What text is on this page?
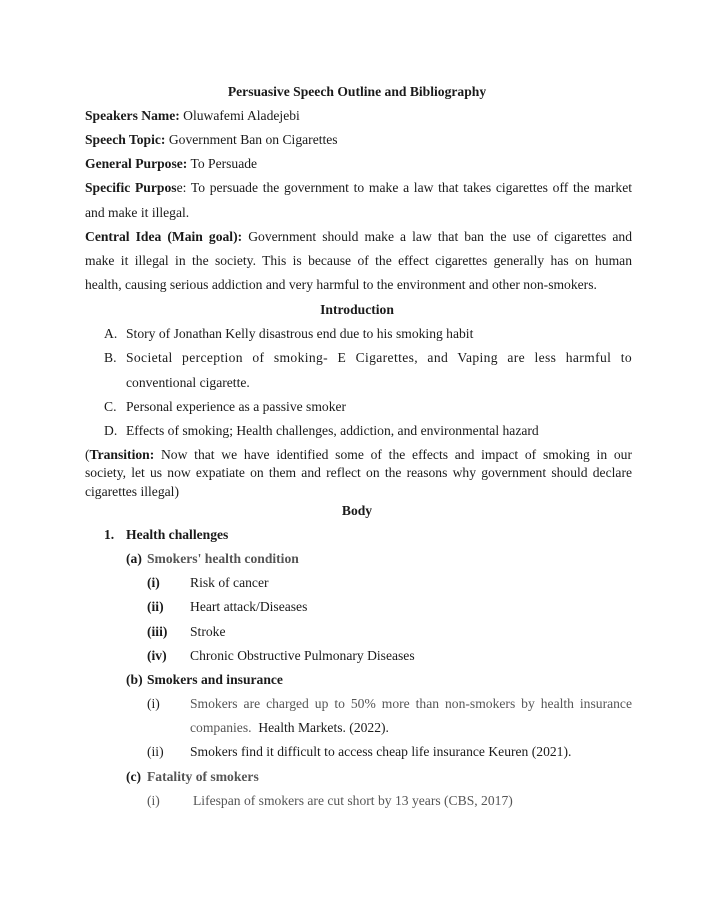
Persuasive Speech Outline and Bibliography
Speakers Name: Oluwafemi Aladejebi
Speech Topic: Government Ban on Cigarettes
General Purpose: To Persuade
Specific Purpose: To persuade the government to make a law that takes cigarettes off the market
and make it illegal.
Central Idea (Main goal): Government should make a law that ban the use of cigarettes and
make it illegal in the society. This is because of the effect cigarettes generally has on human
health, causing serious addiction and very harmful to the environment and other non-smokers.
Introduction
A. Story of Jonathan Kelly disastrous end due to his smoking habit
B. Societal perception of smoking- E Cigarettes, and Vaping are less harmful to
conventional cigarette.
C. Personal experience as a passive smoker
D. Effects of smoking; Health challenges, addiction, and environmental hazard
(Transition: Now that we have identified some of the effects and impact of smoking in our
society, let us now expatiate on them and reflect on the reasons why government should declare
cigarettes illegal)
Body
1. Health challenges
(a) Smokers' health condition
(i) Risk of cancer
(ii) Heart attack/Diseases
(iii) Stroke
(iv) Chronic Obstructive Pulmonary Diseases
(b) Smokers and insurance
(i) Smokers are charged up to 50% more than non-smokers by health insurance
companies.  Health Markets. (2022).
(ii) Smokers find it difficult to access cheap life insurance Keuren (2021).
(c) Fatality of smokers
(i) Lifespan of smokers are cut short by 13 years (CBS, 2017)
